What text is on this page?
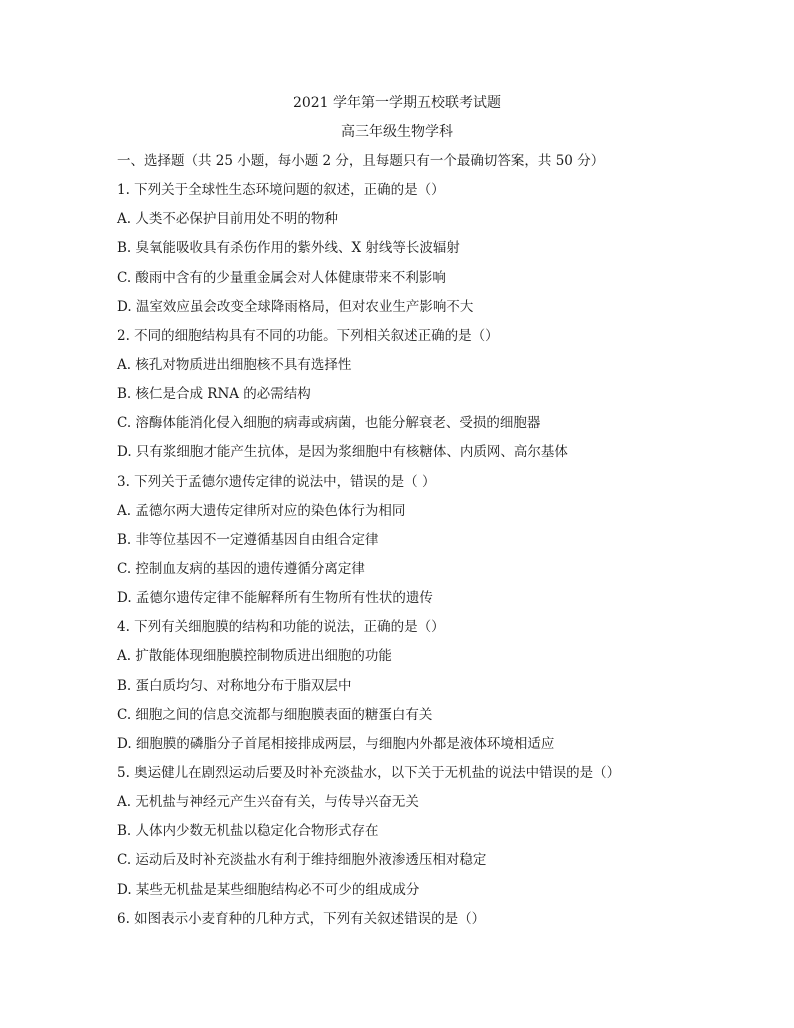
2021 学年第一学期五校联考试题
高三年级生物学科
一、选择题（共 25 小题，每小题 2 分，且每题只有一个最确切答案，共 50 分）
1. 下列关于全球性生态环境问题的叙述，正确的是（）
A. 人类不必保护目前用处不明的物种
B. 臭氧能吸收具有杀伤作用的紫外线、X 射线等长波辐射
C. 酸雨中含有的少量重金属会对人体健康带来不利影响
D. 温室效应虽会改变全球降雨格局，但对农业生产影响不大
2. 不同的细胞结构具有不同的功能。下列相关叙述正确的是（）
A. 核孔对物质进出细胞核不具有选择性
B. 核仁是合成 RNA 的必需结构
C. 溶酶体能消化侵入细胞的病毒或病菌，也能分解衰老、受损的细胞器
D. 只有浆细胞才能产生抗体，是因为浆细胞中有核糖体、内质网、高尔基体
3. 下列关于孟德尔遗传定律的说法中，错误的是（ ）
A. 孟德尔两大遗传定律所对应的染色体行为相同
B. 非等位基因不一定遵循基因自由组合定律
C. 控制血友病的基因的遗传遵循分离定律
D. 孟德尔遗传定律不能解释所有生物所有性状的遗传
4. 下列有关细胞膜的结构和功能的说法，正确的是（）
A. 扩散能体现细胞膜控制物质进出细胞的功能
B. 蛋白质均匀、对称地分布于脂双层中
C. 细胞之间的信息交流都与细胞膜表面的糖蛋白有关
D. 细胞膜的磷脂分子首尾相接排成两层，与细胞内外都是液体环境相适应
5. 奥运健儿在剧烈运动后要及时补充淡盐水，以下关于无机盐的说法中错误的是（）
A. 无机盐与神经元产生兴奋有关，与传导兴奋无关
B. 人体内少数无机盐以稳定化合物形式存在
C. 运动后及时补充淡盐水有利于维持细胞外液渗透压相对稳定
D. 某些无机盐是某些细胞结构必不可少的组成成分
6. 如图表示小麦育种的几种方式，下列有关叙述错误的是（）
